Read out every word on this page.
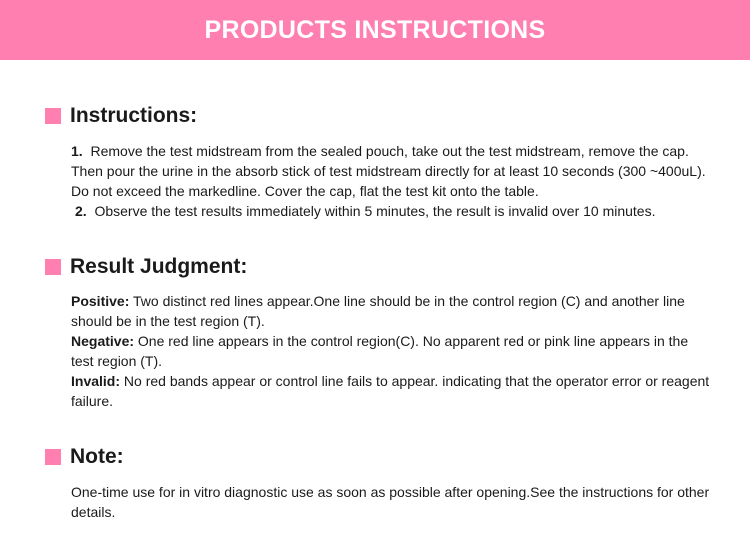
PRODUCTS INSTRUCTIONS
Instructions:

1. Remove the test midstream from the sealed pouch, take out the test midstream, remove the cap. Then pour the urine in the absorb stick of test midstream directly for at least 10 seconds (300 ~400uL). Do not exceed the markedline. Cover the cap, flat the test kit onto the table.

2. Observe the test results immediately within 5 minutes, the result is invalid over 10 minutes.

Result Judgment:

Positive: Two distinct red lines appear.One line should be in the control region (C) and another line should be in the test region (T).

Negative: One red line appears in the control region(C). No apparent red or pink line appears in the test region (T).

Invalid: No red bands appear or control line fails to appear. indicating that the operator error or reagent failure.

Note:

One-time use for in vitro diagnostic use as soon as possible after opening.See the instructions for other details.
